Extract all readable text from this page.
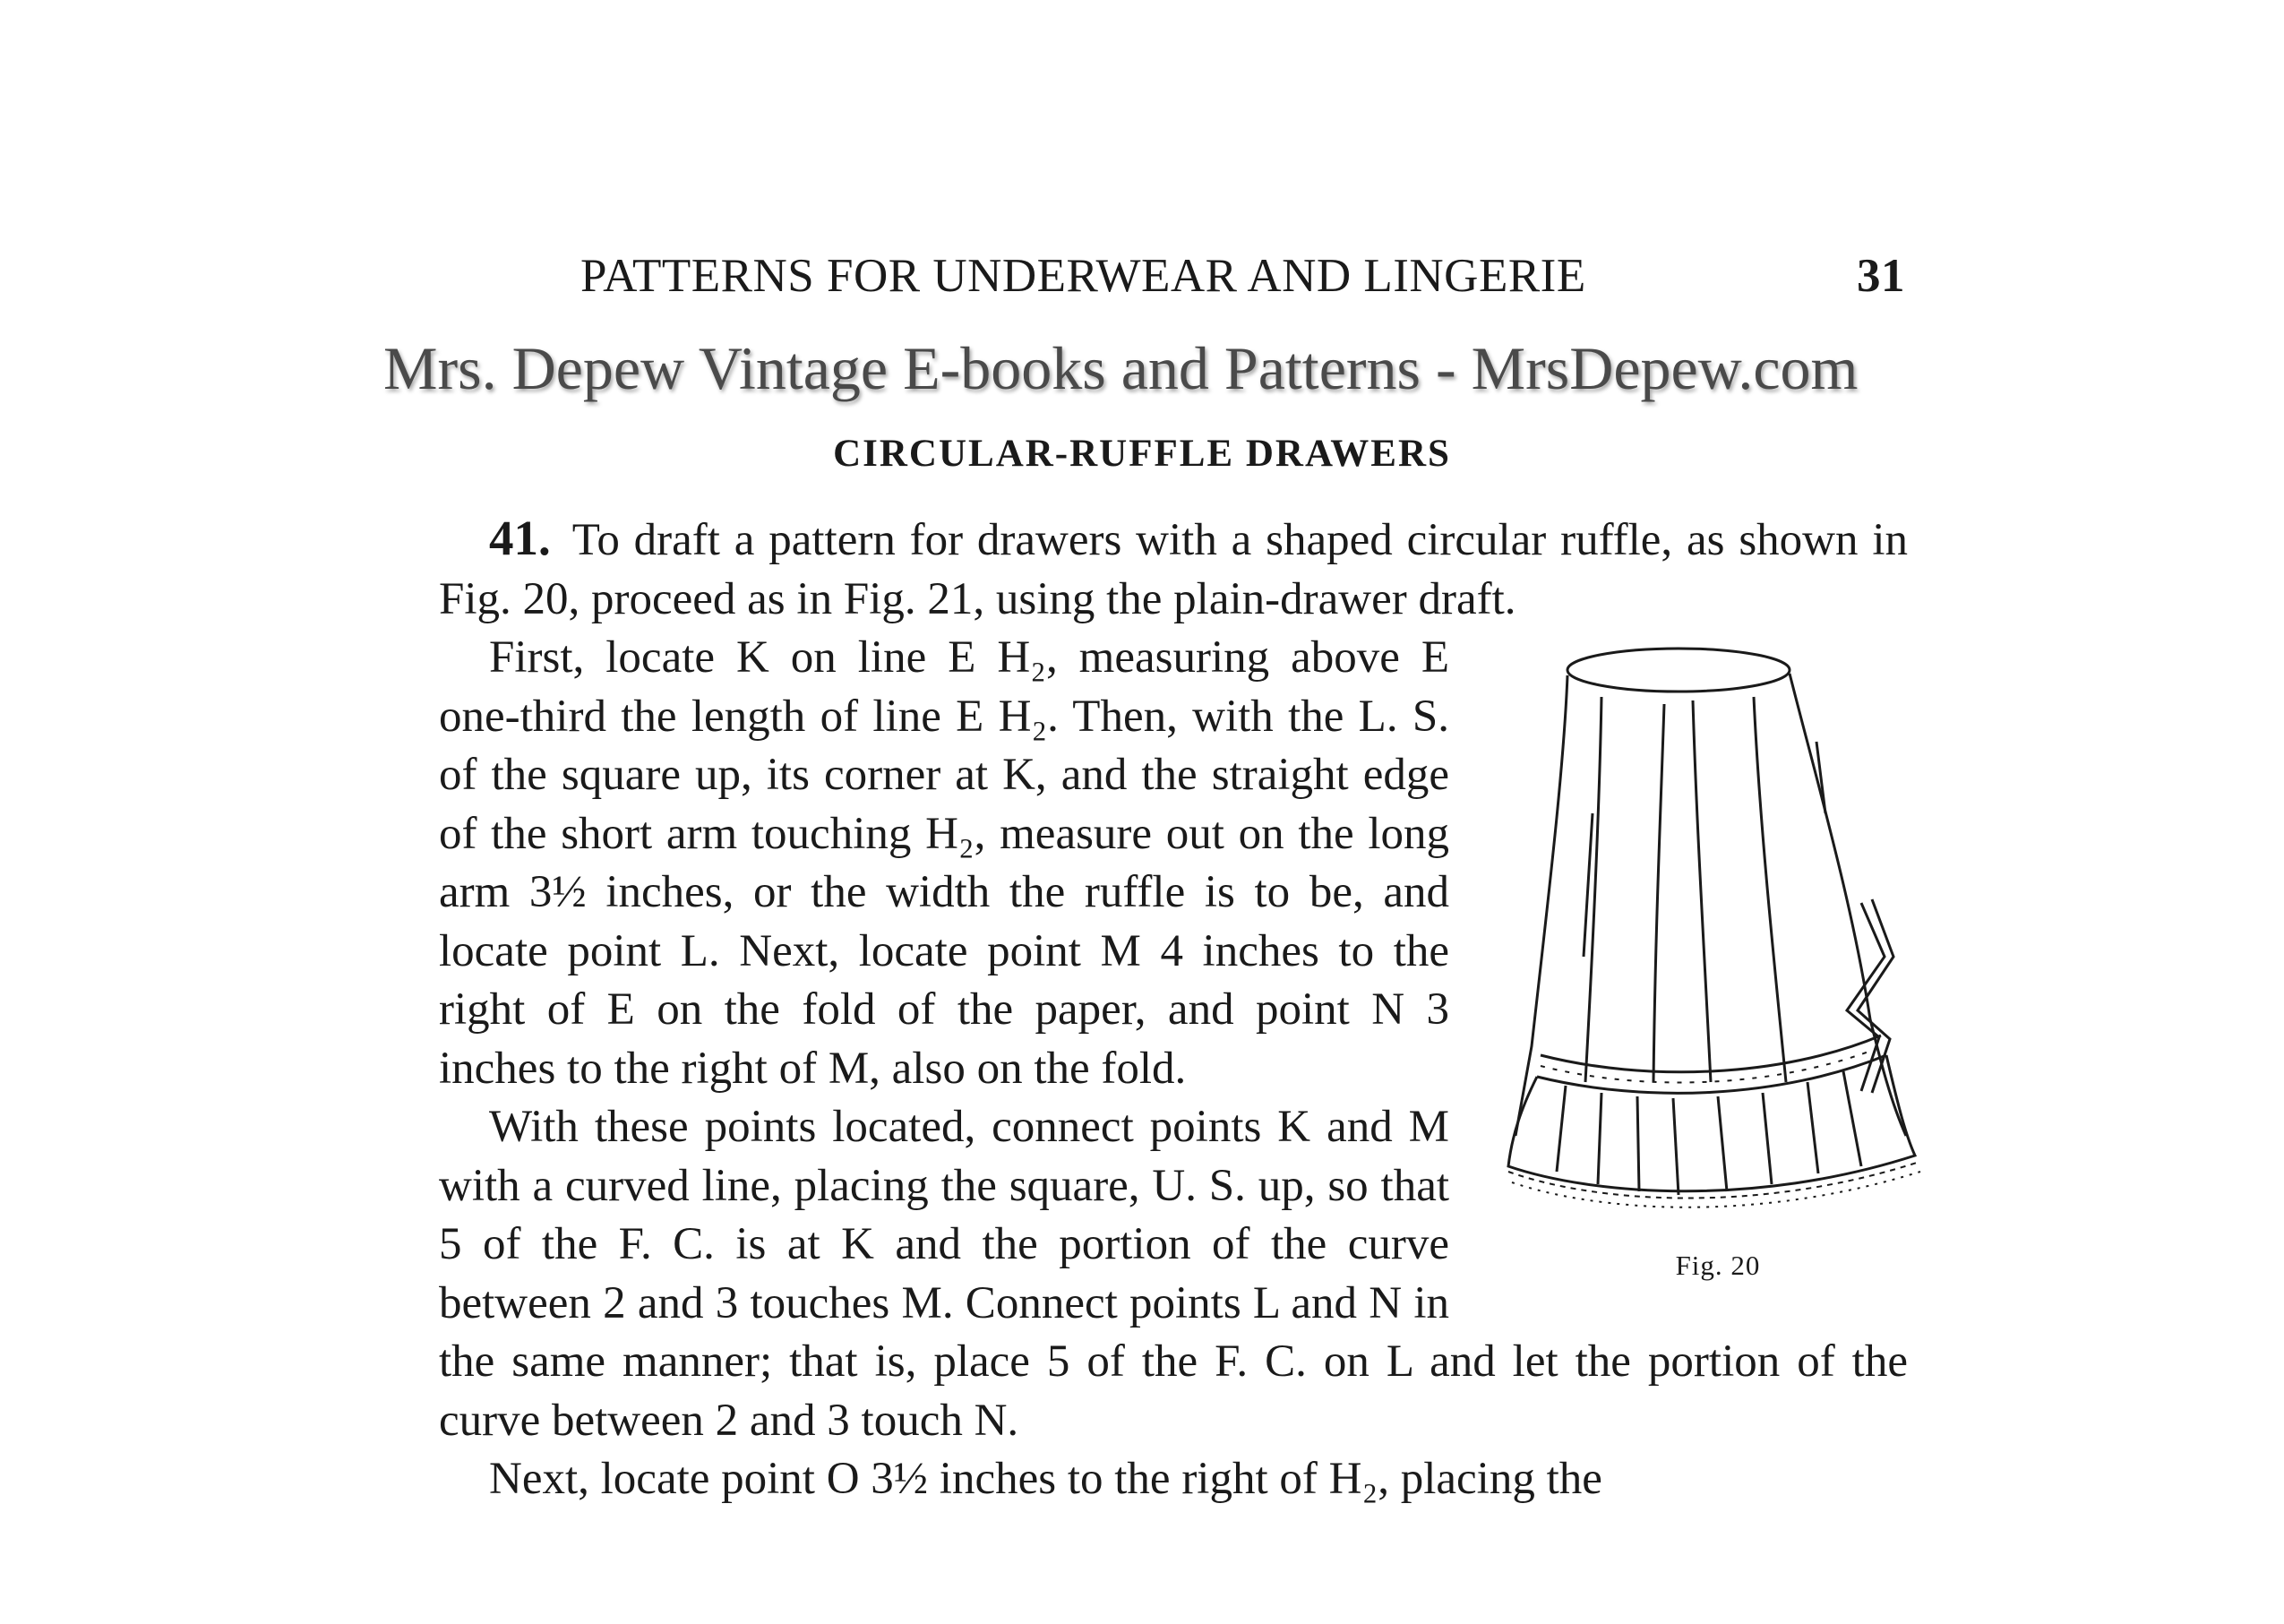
PATTERNS FOR UNDERWEAR AND LINGERIE	31
Mrs. Depew Vintage E-books and Patterns - MrsDepew.com
CIRCULAR-RUFFLE DRAWERS

41. To draft a pattern for drawers with a shaped circular ruffle, as shown in Fig. 20, proceed as in Fig. 21, using the plain-drawer draft.

Fig. 20

First, locate K on line E H₂, measuring above E one-third the length of line E H₂. Then, with the L. S. of the square up, its corner at K, and the straight edge of the short arm touching H₂, measure out on the long arm 3½ inches, or the width the ruffle is to be, and locate point L. Next, locate point M 4 inches to the right of E on the fold of the paper, and point N 3 inches to the right of M, also on the fold.

With these points located, connect points K and M with a curved line, placing the square, U. S. up, so that 5 of the F. C. is at K and the portion of the curve between 2 and 3 touches M. Connect points L and N in the same manner; that is, place 5 of the F. C. on L and let the portion of the curve between 2 and 3 touch N.

Next, locate point O 3½ inches to the right of H₂, placing the
